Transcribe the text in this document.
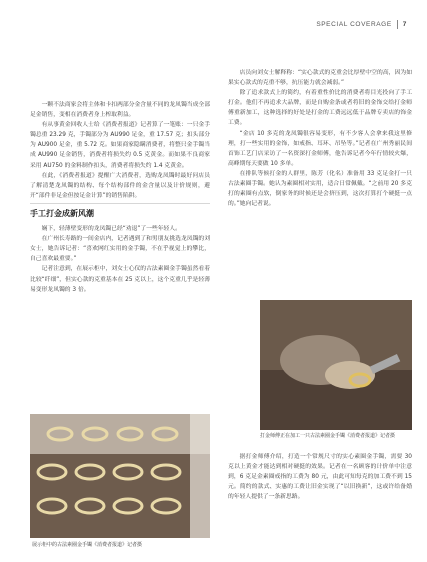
SPECIAL COVERAGE 7

一颗不法商家会将主体和卡扣两部分金含量不同的龙凤镯当成全部足金销售，变相在消费者身上榨取利益。

有从事黄金回收人士给《消费者报道》记者算了一笔账：一只金手镯总重 23.29 克，手镯部分为 AU990 足金，重 17.57 克；扣头部分为 AU900 足金，重 5.72 克。如果商家隐瞒消费者，将整只金手镯当成 AU990 足金销售，消费者将损失约 0.5 克黄金。而如果不良商家采用 AU750 的金料制作扣头，消费者将损失约 1.4 克黄金。

在此，《消费者报道》提醒广大消费者，选购龙凤镯时最好问店员了解清楚龙凤镯的结构、每个结构部件的金含量以及计价规则，避开“部件非足金但按足金计算”的销售陷阱。

手工打金成新风潮

娴下，轻薄壁变形的龙凤镯已经“劝退”了一些年轻人。

在广州长寿路的一间金店内，记者遇到了和男朋友挑选龙凤镯的刘女士，她告诉记者：“喜欢网红实用的金手镯，不在乎视觉上的攀比，自己喜欢最重要。”

记者注意到，在展示柜中，刘女士心仪的古法素圈金手镯虽然看着比较“纤细”，但实心款的克重基本在 25 克以上，这个克重几乎是轻薄易变形龙凤镯的 3 倍。

展示柜中的古法素圈金手镯《消费者报道》记者摄

店员向刘女士解释称：“实心款式的克重会比厚壁中空的高，因为如果实心款式的克重不够，抗压能力就会减弱。”

除了追求款式上的简约，有着重性价比的消费者将目光投向了手工打金。他们不再追求大品牌，而是自购金条或者将旧的金饰交给打金师傅重新加工，这种选择的好处是打金的工费远远低于品牌专卖店的饰金工费。

“金店 10 多克的龙凤镯很容易变形，有不少客人会拿来我这里修理，打一些实用的金饰，如戒指、耳环、吊坠等。”记者在广州秀丽民间首饰工艺门店采访了一名资深打金师傅，他告诉记者今年行情较火爆，高峰期每天要做 10 多单。

在排队等候打金的人群里，陈芳（化名）准备用 33 克足金打一只古法素圈手镯。她认为素圈相对实用，适合日常佩戴。“之前用 20 多克打的素圈有点软，倒家务的时候还是会挤压到，这次打算打个硬挺一点的。”她向记者说。

打金师傅正在加工一只古法素圈金手镯《消费者报道》记者摄

据打金师傅介绍，打造一个常规尺寸的实心素圈金手镯，需要 30 克以上黄金才能达到相对硬挺的效果。记者在一名顾客的计价单中注意到，6 克足金素圈戒指的工费为 80 元，由此可知每克的加工费不到 15 元。简约的款式、实惠的工费让旧金实现了“以旧换新”，这或许给备婚的年轻人提供了一条新思路。
